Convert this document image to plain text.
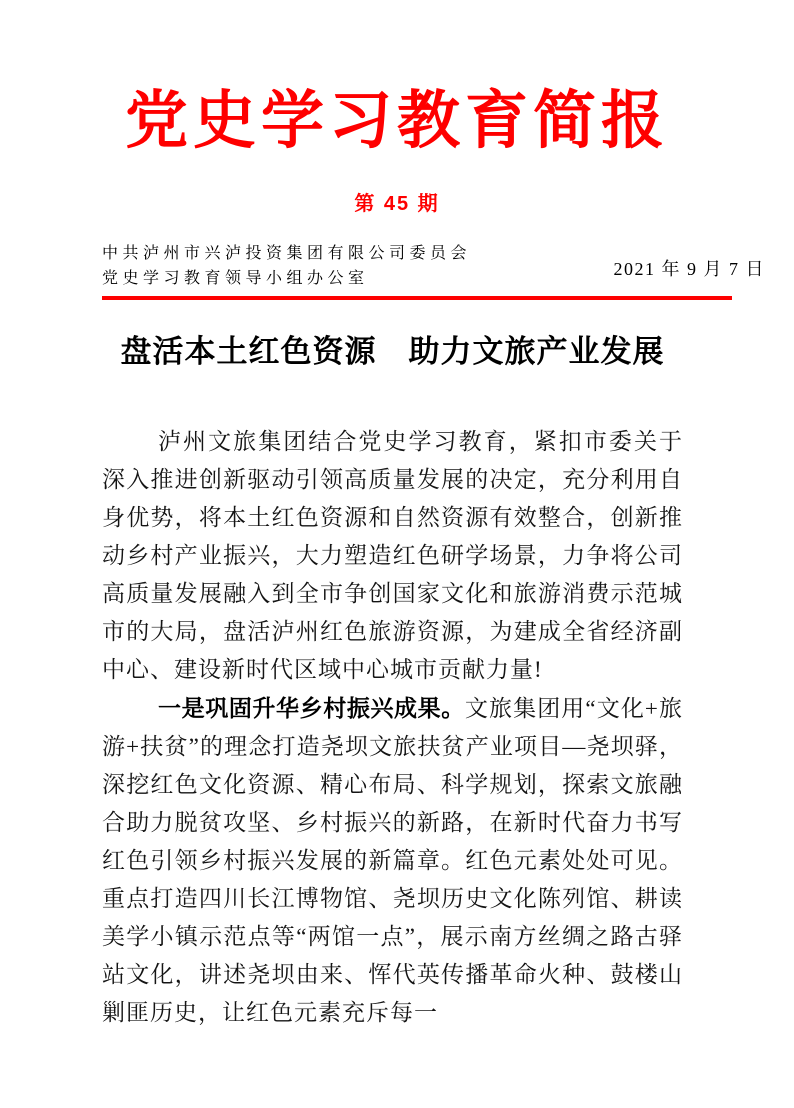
党史学习教育简报
第 45 期
中共泸州市兴泸投资集团有限公司委员会
党史学习教育领导小组办公室	2021 年 9 月 7 日
盘活本土红色资源　助力文旅产业发展

泸州文旅集团结合党史学习教育，紧扣市委关于深入推进创新驱动引领高质量发展的决定，充分利用自身优势，将本土红色资源和自然资源有效整合，创新推动乡村产业振兴，大力塑造红色研学场景，力争将公司高质量发展融入到全市争创国家文化和旅游消费示范城市的大局，盘活泸州红色旅游资源，为建成全省经济副中心、建设新时代区域中心城市贡献力量!

一是巩固升华乡村振兴成果。文旅集团用“文化+旅游+扶贫”的理念打造尧坝文旅扶贫产业项目—尧坝驿，深挖红色文化资源、精心布局、科学规划，探索文旅融合助力脱贫攻坚、乡村振兴的新路，在新时代奋力书写红色引领乡村振兴发展的新篇章。红色元素处处可见。重点打造四川长江博物馆、尧坝历史文化陈列馆、耕读美学小镇示范点等“两馆一点”，展示南方丝绸之路古驿站文化，讲述尧坝由来、恽代英传播革命火种、鼓楼山剿匪历史，让红色元素充斥每一
